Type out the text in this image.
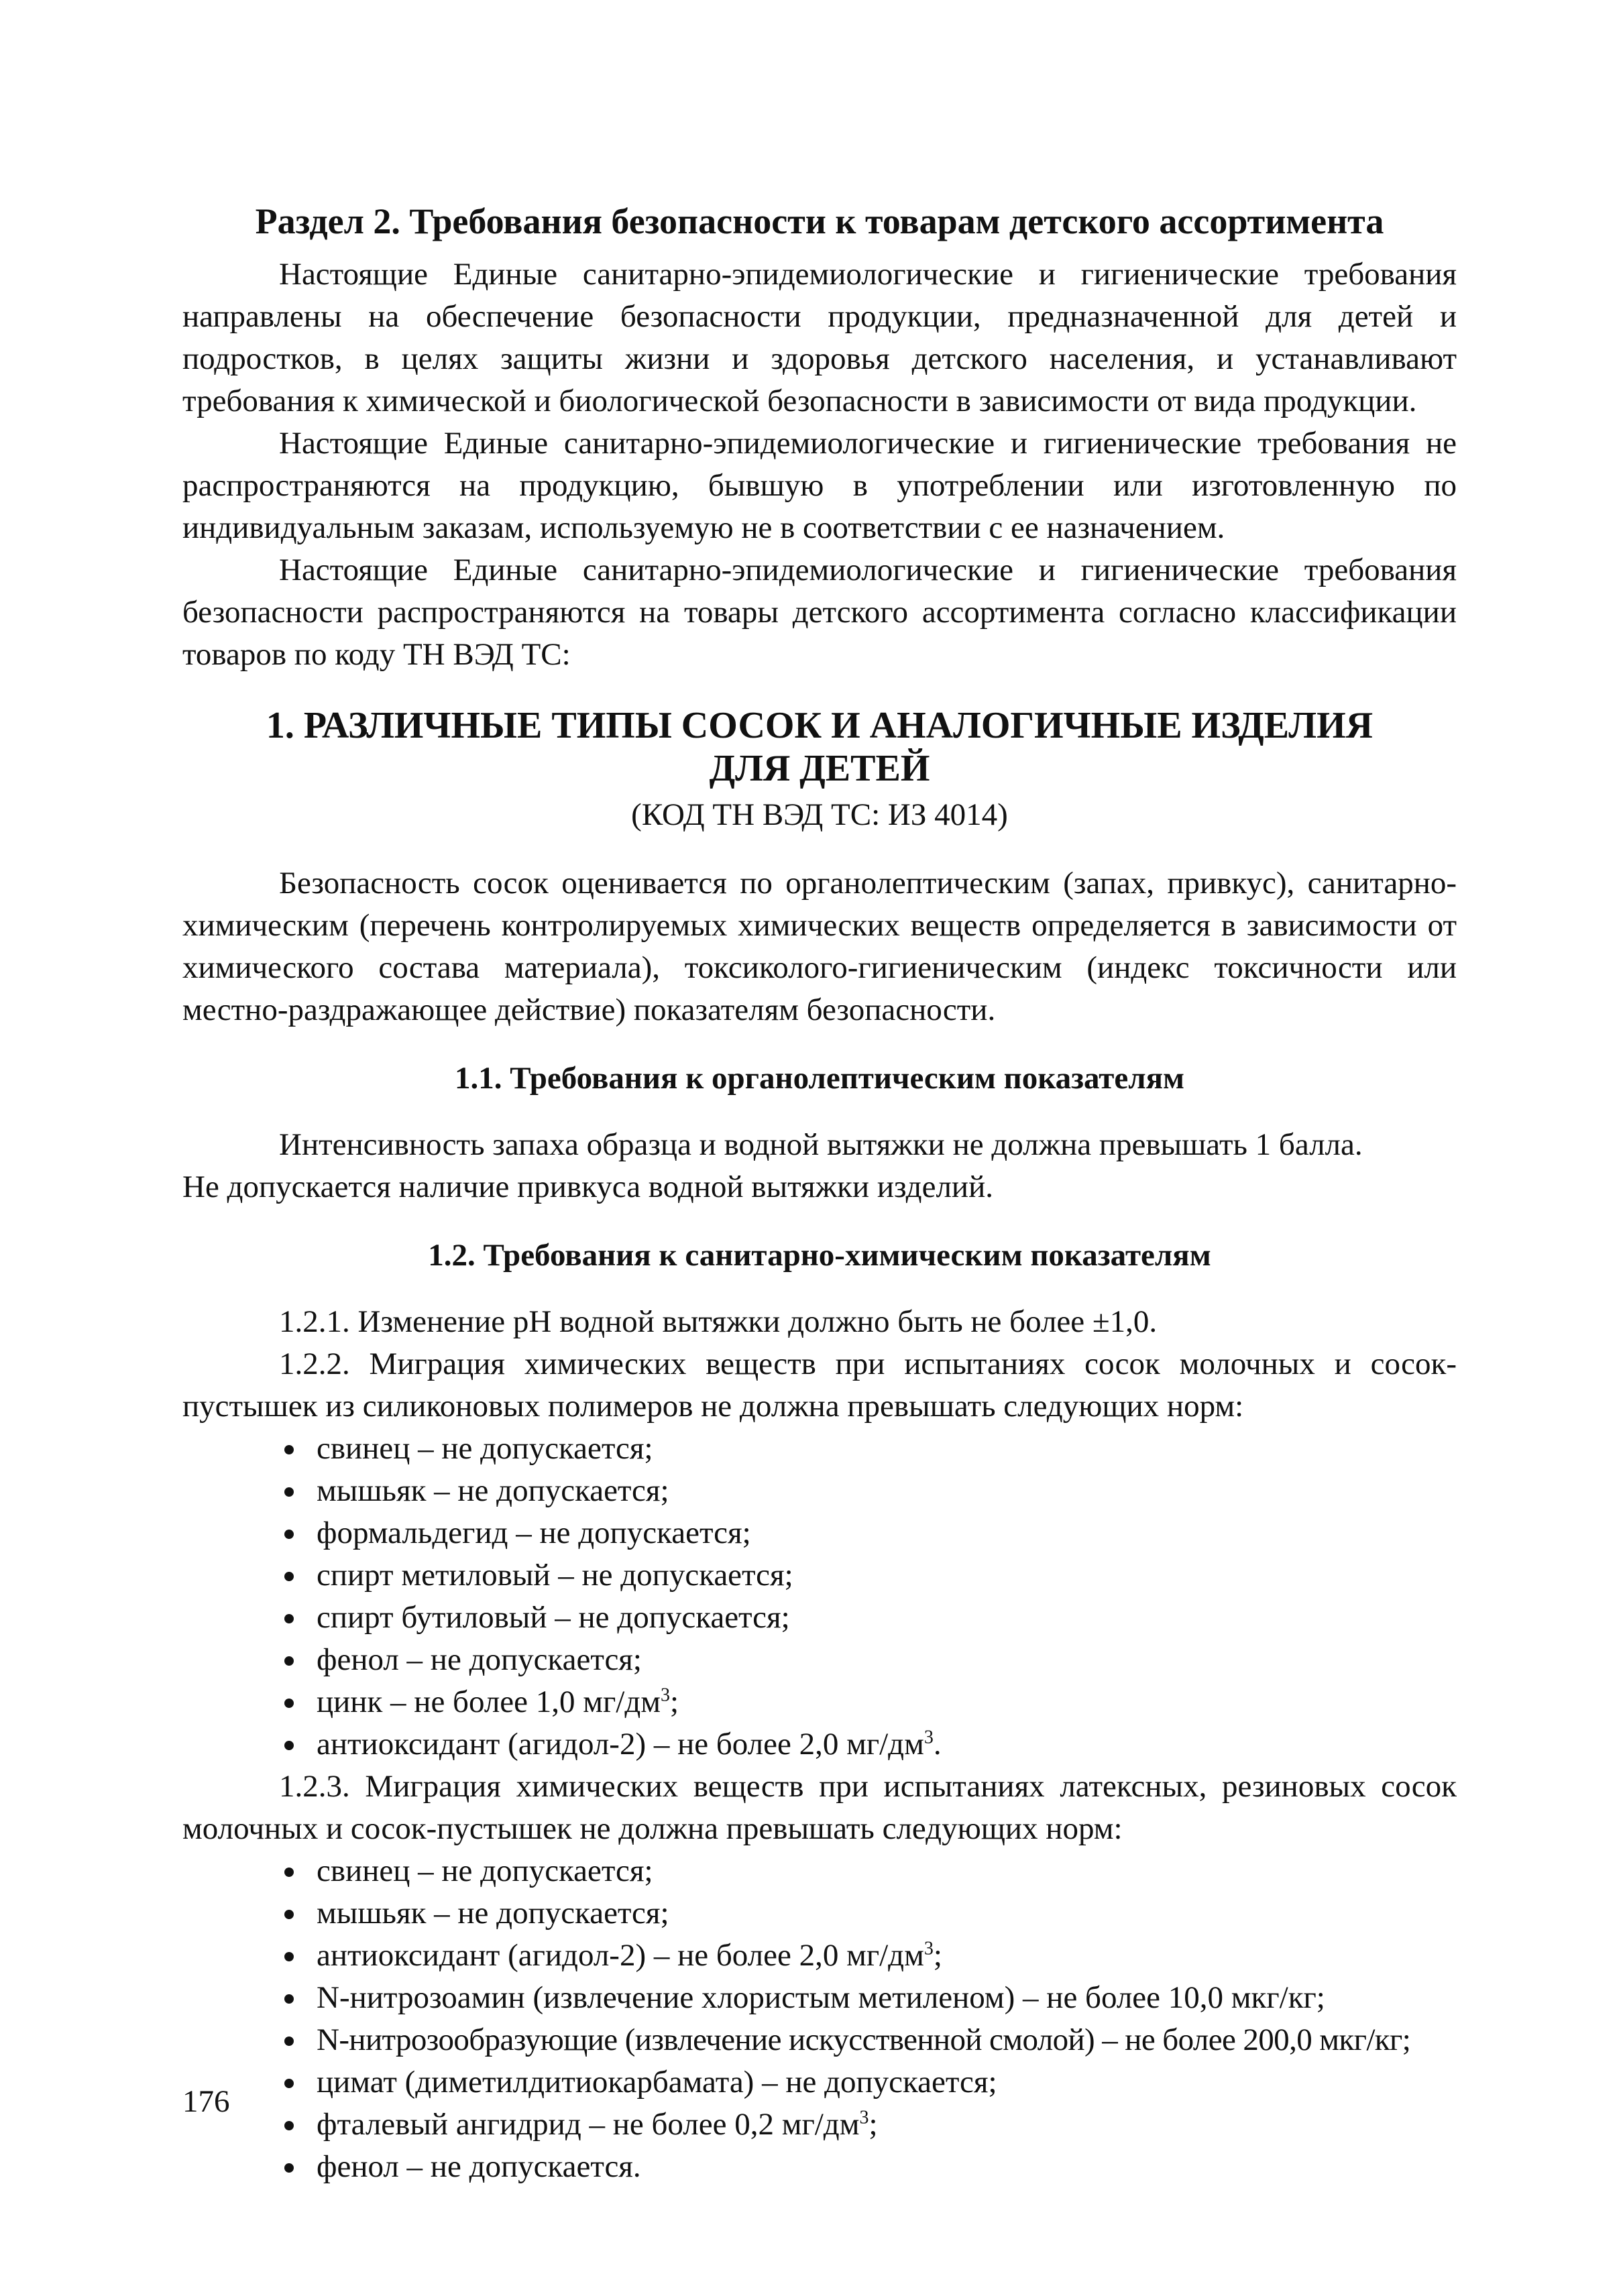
Раздел 2. Требования безопасности к товарам детского ассортимента

Настоящие Единые санитарно-эпидемиологические и гигиенические требования направлены на обеспечение безопасности продукции, предназначенной для детей и подростков, в целях защиты жизни и здоровья детского населения, и устанавливают требования к химической и биологической безопасности в зависимости от вида продукции.

Настоящие Единые санитарно-эпидемиологические и гигиенические требования не распространяются на продукцию, бывшую в употреблении или изготовленную по индивидуальным заказам, используемую не в соответствии с ее назначением.

Настоящие Единые санитарно-эпидемиологические и гигиенические требования безопасности распространяются на товары детского ассортимента согласно классификации товаров по коду ТН ВЭД ТС:

1. РАЗЛИЧНЫЕ ТИПЫ СОСОК И АНАЛОГИЧНЫЕ ИЗДЕЛИЯ
ДЛЯ ДЕТЕЙ
(КОД ТН ВЭД ТС: ИЗ 4014)

Безопасность сосок оценивается по органолептическим (запах, привкус), санитарно-химическим (перечень контролируемых химических веществ определяется в зависимости от химического состава материала), токсиколого-гигиеническим (индекс токсичности или местно-раздражающее действие) показателям безопасности.

1.1. Требования к органолептическим показателям

Интенсивность запаха образца и водной вытяжки не должна превышать 1 балла.

Не допускается наличие привкуса водной вытяжки изделий.

1.2. Требования к санитарно-химическим показателям

1.2.1. Изменение pH водной вытяжки должно быть не более ±1,0.

1.2.2. Миграция химических веществ при испытаниях сосок молочных и сосок-пустышек из силиконовых полимеров не должна превышать следующих норм:

свинец – не допускается;
мышьяк – не допускается;
формальдегид – не допускается;
спирт метиловый – не допускается;
спирт бутиловый – не допускается;
фенол – не допускается;
цинк – не более 1,0 $мг/дм^3$;
антиоксидант (агидол-2) – не более 2,0 $мг/дм^3$.

1.2.3. Миграция химических веществ при испытаниях латексных, резиновых сосок молочных и сосок-пустышек не должна превышать следующих норм:

свинец – не допускается;
мышьяк – не допускается;
антиоксидант (агидол-2) – не более 2,0 $мг/дм^3$;
N-нитрозоамин (извлечение хлористым метиленом) – не более 10,0 мкг/кг;
N-нитрозообразующие (извлечение искусственной смолой) – не более 200,0 мкг/кг;
цимат (диметилдитиокарбамата) – не допускается;
фталевый ангидрид – не более 0,2 $мг/дм^3$;
фенол – не допускается.
176
